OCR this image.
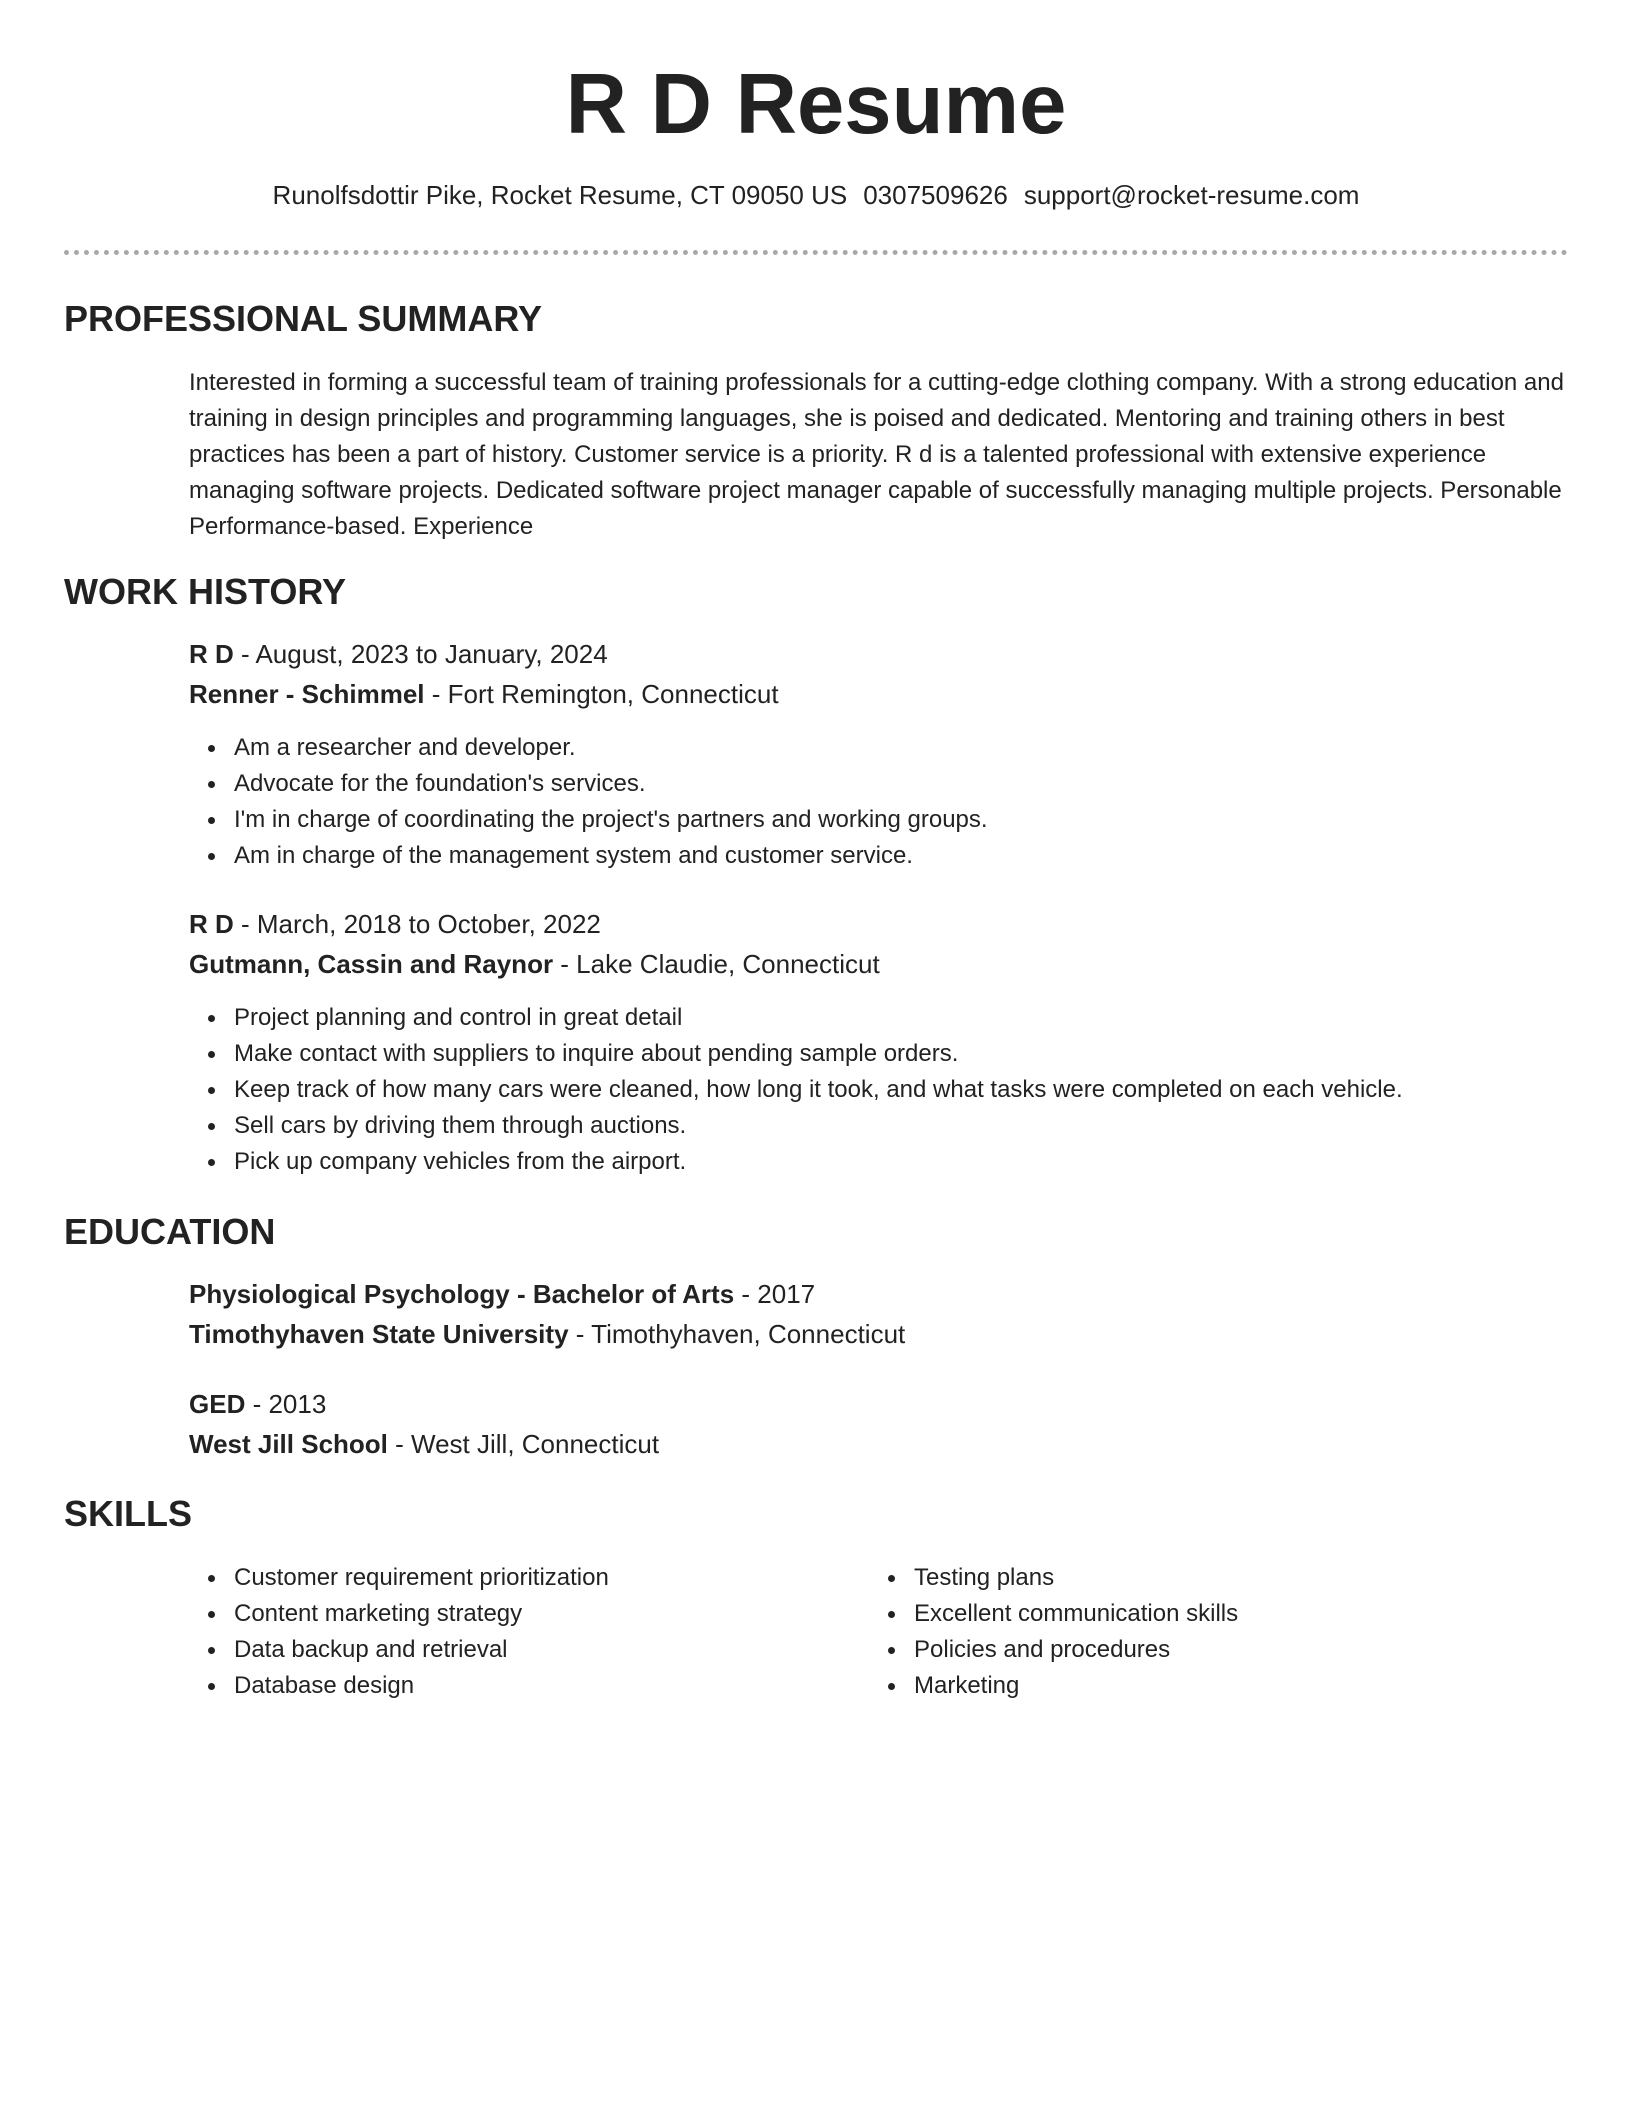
R D Resume
Runolfsdottir Pike, Rocket Resume, CT 09050 US 0307509626 support@rocket-resume.com
PROFESSIONAL SUMMARY
Interested in forming a successful team of training professionals for a cutting-edge clothing company. With a strong education and training in design principles and programming languages, she is poised and dedicated. Mentoring and training others in best practices has been a part of history. Customer service is a priority. R d is a talented professional with extensive experience managing software projects. Dedicated software project manager capable of successfully managing multiple projects. Personable Performance-based. Experience
WORK HISTORY
R D - August, 2023 to January, 2024
Renner - Schimmel - Fort Remington, Connecticut
Am a researcher and developer.
Advocate for the foundation's services.
I'm in charge of coordinating the project's partners and working groups.
Am in charge of the management system and customer service.
R D - March, 2018 to October, 2022
Gutmann, Cassin and Raynor - Lake Claudie, Connecticut
Project planning and control in great detail
Make contact with suppliers to inquire about pending sample orders.
Keep track of how many cars were cleaned, how long it took, and what tasks were completed on each vehicle.
Sell cars by driving them through auctions.
Pick up company vehicles from the airport.
EDUCATION
Physiological Psychology - Bachelor of Arts - 2017
Timothyhaven State University - Timothyhaven, Connecticut
GED - 2013
West Jill School - West Jill, Connecticut
SKILLS
Customer requirement prioritization
Content marketing strategy
Data backup and retrieval
Database design
Testing plans
Excellent communication skills
Policies and procedures
Marketing
